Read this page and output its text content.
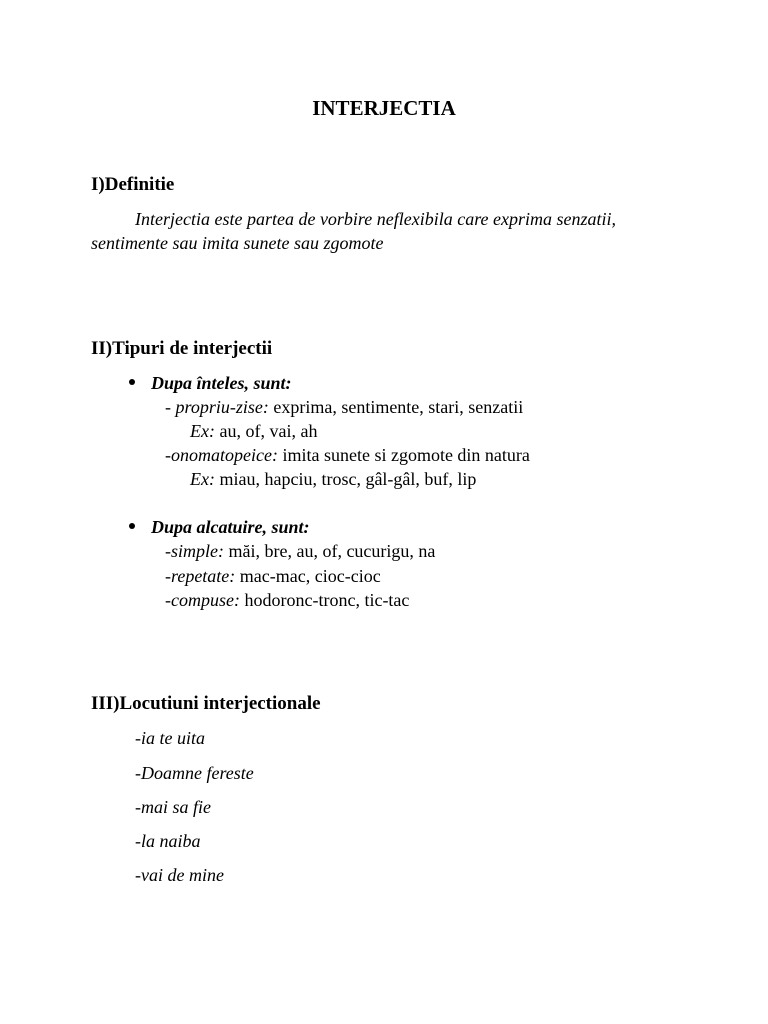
INTERJECTIA
I)Definitie
Interjectia este partea de vorbire neflexibila care exprima senzatii,
sentimente sau imita sunete sau zgomote
II)Tipuri de interjectii
Dupa înteles, sunt:
- propriu-zise: exprima, sentimente, stari, senzatii
Ex: au, of, vai, ah
-onomatopeice: imita sunete si zgomote din natura
Ex: miau, hapciu, trosc, gâl-gâl, buf, lip
Dupa alcatuire, sunt:
-simple: măi, bre, au, of, cucurigu, na
-repetate: mac-mac, cioc-cioc
-compuse: hodoronc-tronc, tic-tac
III)Locutiuni interjectionale
-ia te uita
-Doamne fereste
-mai sa fie
-la naiba
-vai de mine
